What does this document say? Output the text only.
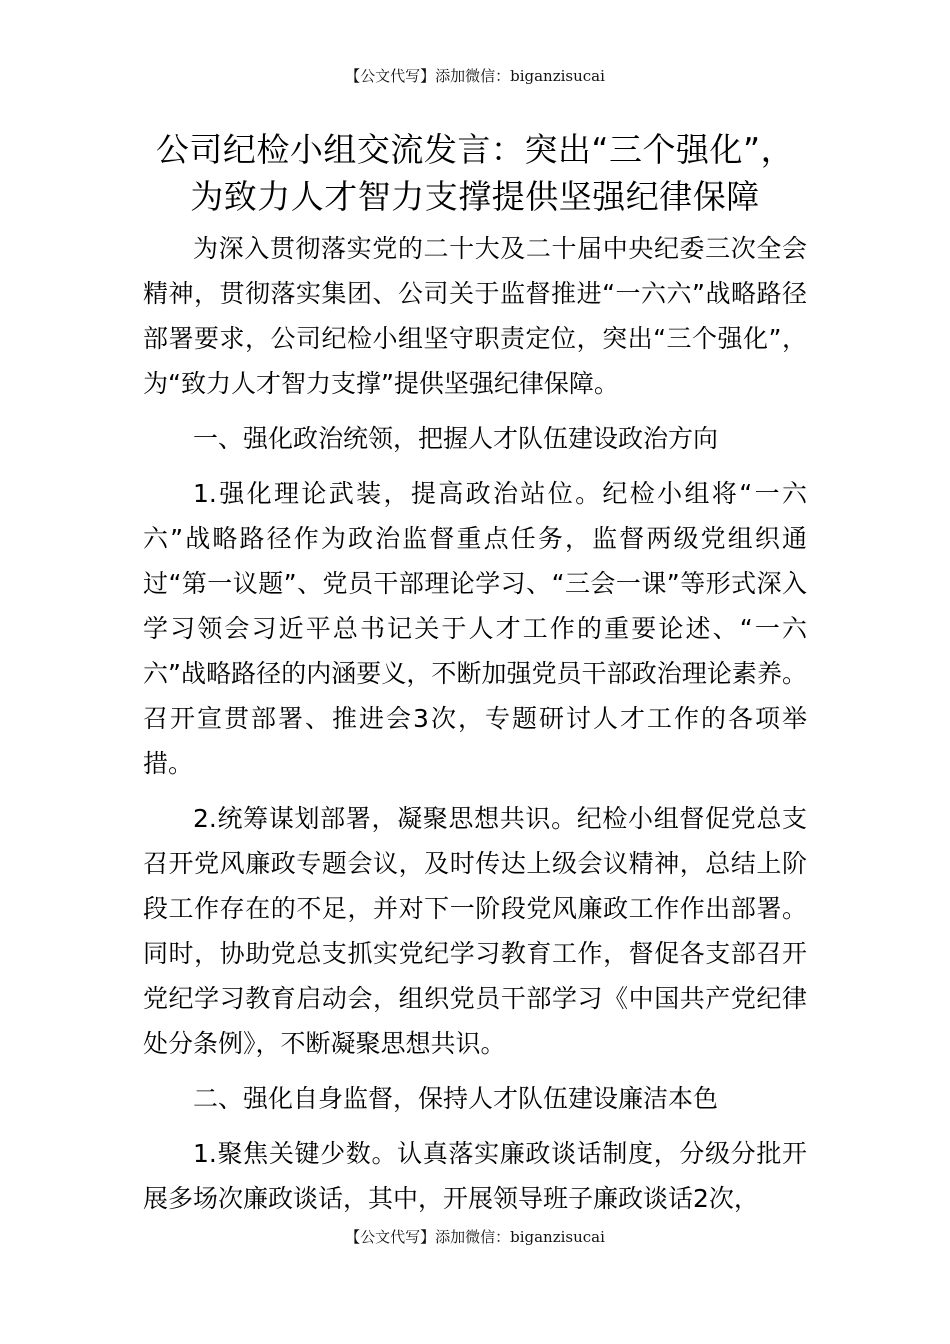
【公文代写】添加微信：biganzisucai
公司纪检小组交流发言：突出“三个强化”，
为致力人才智力支撑提供坚强纪律保障

为深入贯彻落实党的二十大及二十届中央纪委三次全会精神，贯彻落实集团、公司关于监督推进“一六六”战略路径部署要求，公司纪检小组坚守职责定位，突出“三个强化”，为“致力人才智力支撑”提供坚强纪律保障。

一、强化政治统领，把握人才队伍建设政治方向

1.强化理论武装，提高政治站位。纪检小组将“一六六”战略路径作为政治监督重点任务，监督两级党组织通过“第一议题”、党员干部理论学习、“三会一课”等形式深入学习领会习近平总书记关于人才工作的重要论述、“一六六”战略路径的内涵要义，不断加强党员干部政治理论素养。召开宣贯部署、推进会3次，专题研讨人才工作的各项举措。

2.统筹谋划部署，凝聚思想共识。纪检小组督促党总支召开党风廉政专题会议，及时传达上级会议精神，总结上阶段工作存在的不足，并对下一阶段党风廉政工作作出部署。同时，协助党总支抓实党纪学习教育工作，督促各支部召开党纪学习教育启动会，组织党员干部学习《中国共产党纪律处分条例》，不断凝聚思想共识。

二、强化自身监督，保持人才队伍建设廉洁本色

1.聚焦关键少数。认真落实廉政谈话制度，分级分批开展多场次廉政谈话，其中，开展领导班子廉政谈话2次，

【公文代写】添加微信：biganzisucai
